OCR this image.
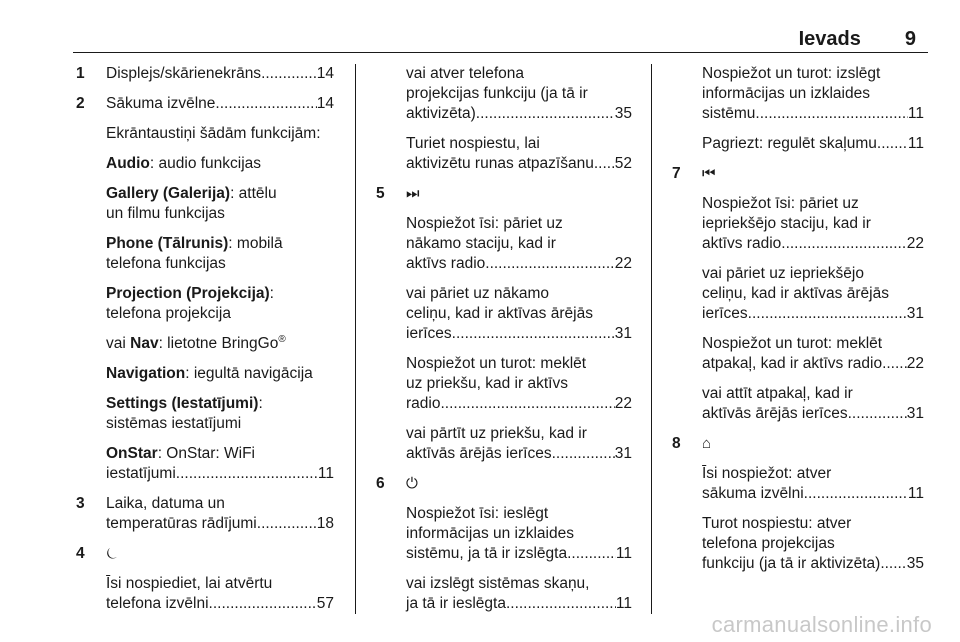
Ievads 9
1 Displejs/skārienekrāns .....	14
2 Sākuma izvēlne .....	14
Ekrāntaustiņi šādām funkcijām:
Audio: audio funkcijas
Gallery (Galerija): attēlu
un filmu funkcijas
Phone (Tālrunis): mobilā
telefona funkcijas
Projection (Projekcija):
telefona projekcija
vai Nav: lietotne BringGo®
Navigation: iegultā navigācija
Settings (Iestatījumi):
sistēmas iestatījumi
OnStar: OnStar: WiFi
iestatījumi .....	11
3 Laika, datuma un
temperatūras rādījumi .....	18
4 ⏾
Īsi nospiediet, lai atvērtu
telefona izvēlni .....	57
vai atver telefona
projekcijas funkciju (ja tā ir
aktivizēta) .....	35
Turiet nospiestu, lai
aktivizētu runas atpazīšanu ..... 52
5 ⏭
Nospiežot īsi: pāriet uz
nākamo staciju, kad ir
aktīvs radio .....	22
vai pāriet uz nākamo
celiņu, kad ir aktīvas ārējās
ierīces .....	31
Nospiežot un turot: meklēt
uz priekšu, kad ir aktīvs
radio .....	22
vai pārtīt uz priekšu, kad ir
aktīvās ārējās ierīces .....	31
6 ⏻
Nospiežot īsi: ieslēgt
informācijas un izklaides
sistēmu, ja tā ir izslēgta .....	11
vai izslēgt sistēmas skaņu,
ja tā ir ieslēgta .....	11
Nospiežot un turot: izslēgt
informācijas un izklaides
sistēmu .....	11
Pagriezt: regulēt skaļumu ..... 11
7 ⏮
Nospiežot īsi: pāriet uz
iepriekšējo staciju, kad ir
aktīvs radio .....	22
vai pāriet uz iepriekšējo
celiņu, kad ir aktīvas ārējās
ierīces .....	31
Nospiežot un turot: meklēt
atpakaļ, kad ir aktīvs radio ..... 22
vai attīt atpakaļ, kad ir
aktīvās ārējās ierīces .....	31
8 ⌂
Īsi nospiežot: atver
sākuma izvēlni .....	11
Turot nospiestu: atver
telefona projekcijas
funkciju (ja tā ir aktivizēta) ..... 35
carmanualsonline.info
